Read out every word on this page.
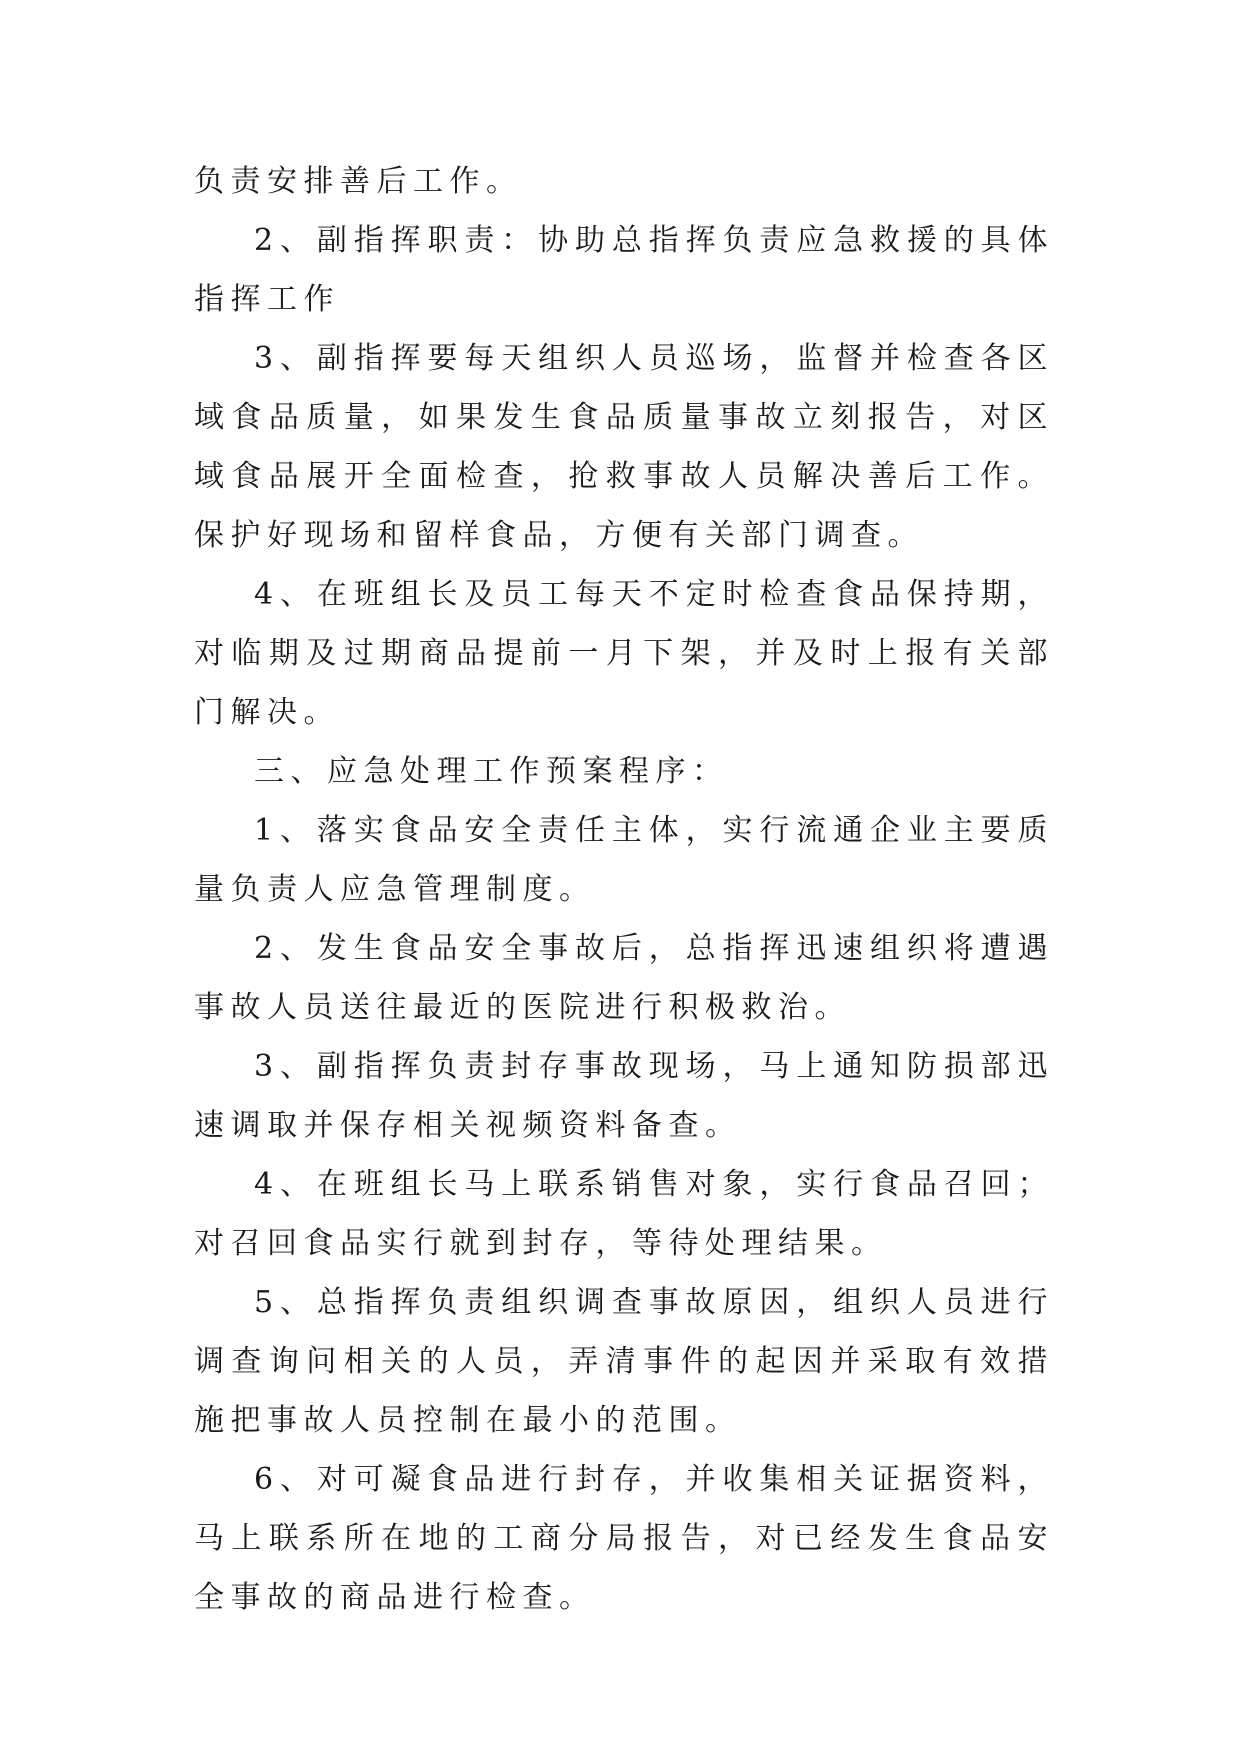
负责安排善后工作。

2、副指挥职责：协助总指挥负责应急救援的具体指挥工作

3、副指挥要每天组织人员巡场，监督并检查各区域食品质量，如果发生食品质量事故立刻报告，对区域食品展开全面检查，抢救事故人员解决善后工作。保护好现场和留样食品，方便有关部门调查。

4、在班组长及员工每天不定时检查食品保持期，对临期及过期商品提前一月下架，并及时上报有关部门解决。

三、应急处理工作预案程序：

1、落实食品安全责任主体，实行流通企业主要质量负责人应急管理制度。

2、发生食品安全事故后，总指挥迅速组织将遭遇事故人员送往最近的医院进行积极救治。

3、副指挥负责封存事故现场，马上通知防损部迅速调取并保存相关视频资料备查。

4、在班组长马上联系销售对象，实行食品召回；对召回食品实行就到封存，等待处理结果。

5、总指挥负责组织调查事故原因，组织人员进行调查询问相关的人员，弄清事件的起因并采取有效措施把事故人员控制在最小的范围。

6、对可凝食品进行封存，并收集相关证据资料，马上联系所在地的工商分局报告，对已经发生食品安全事故的商品进行检查。
